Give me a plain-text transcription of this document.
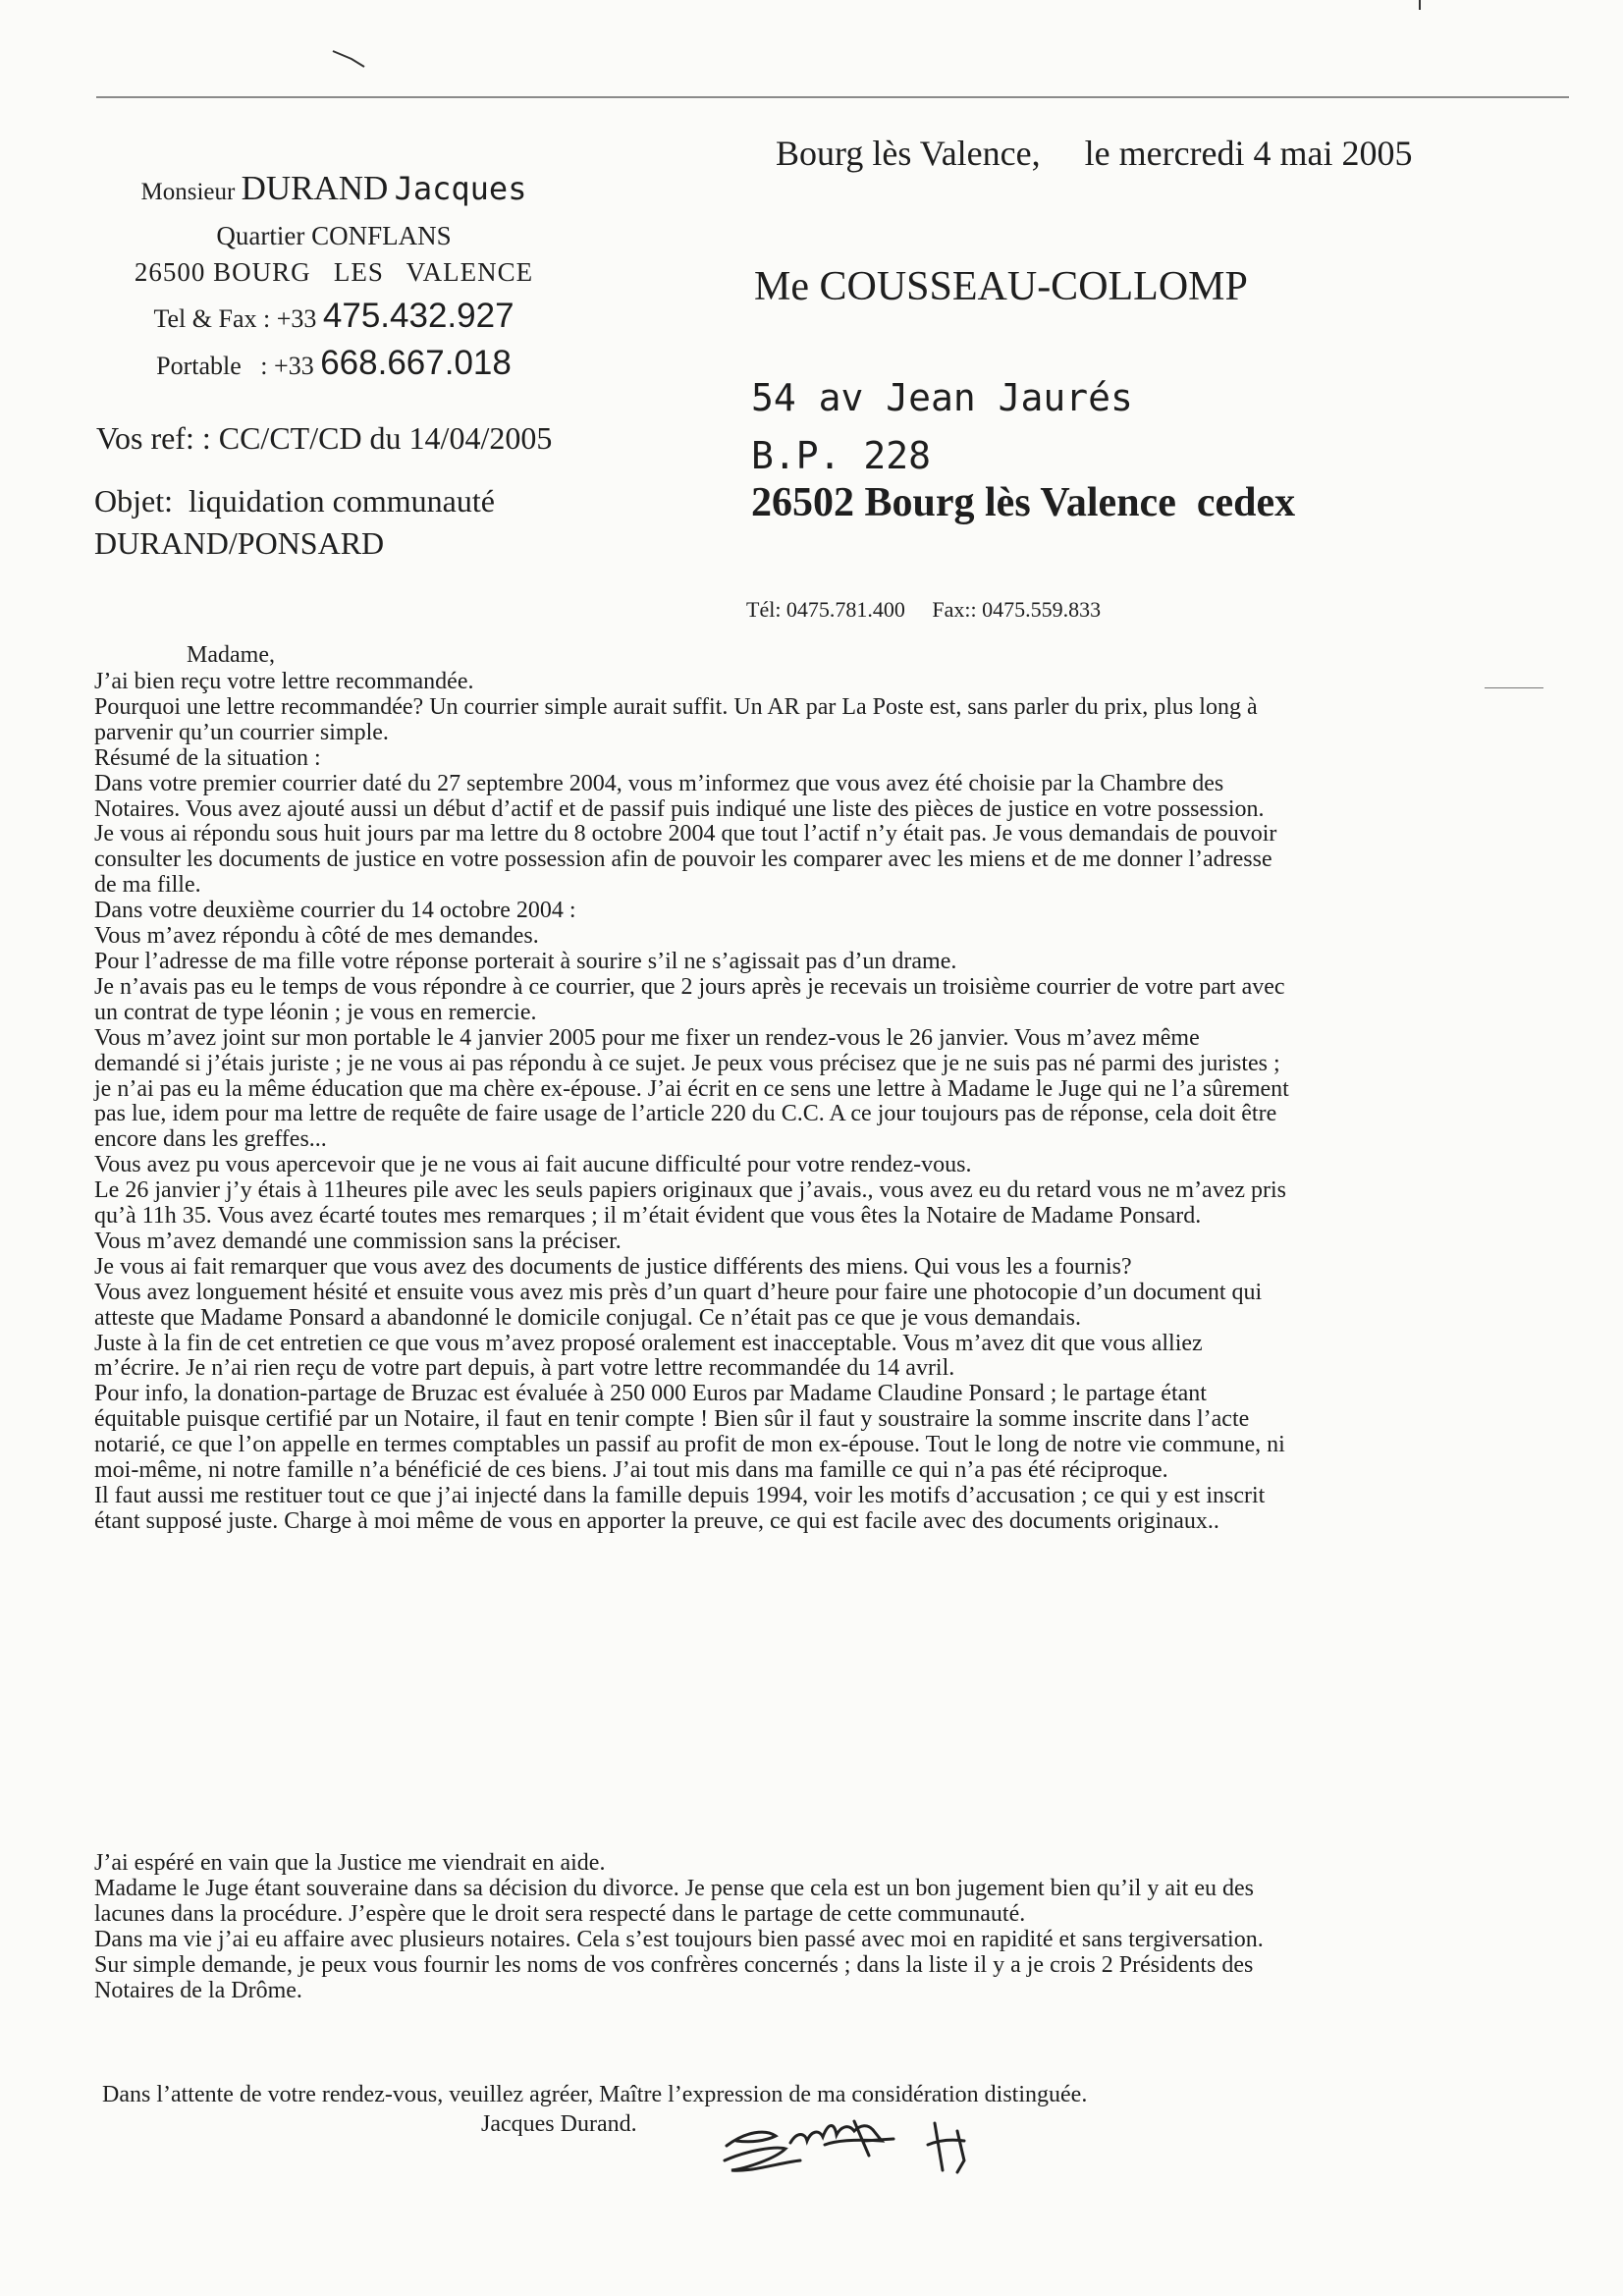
Monsieur DURAND Jacques
Quartier CONFLANS
26500 BOURG   LES   VALENCE
Tel & Fax : +33 475.432.927
Portable   : +33 668.667.018
Vos ref: : CC/CT/CD du 14/04/2005
Objet:  liquidation communauté
DURAND/PONSARD
Bourg lès Valence,     le mercredi 4 mai 2005
Me COUSSEAU-COLLOMP
54 av Jean Jaurés
B.P. 228
26502 Bourg lès Valence  cedex
Tél: 0475.781.400     Fax:: 0475.559.833
Madame,
J’ai bien reçu votre lettre recommandée.
Pourquoi une lettre recommandée? Un courrier simple aurait suffit. Un AR par La Poste est, sans parler du prix, plus long à
parvenir qu’un courrier simple.
Résumé de la situation :
Dans votre premier courrier daté du 27 septembre 2004, vous m’informez que vous avez été choisie par la Chambre des
Notaires. Vous avez ajouté aussi un début d’actif et de passif puis indiqué une liste des pièces de justice en votre possession.
Je vous ai répondu sous huit jours par ma lettre du 8 octobre 2004 que tout l’actif n’y était pas. Je vous demandais de pouvoir
consulter les documents de justice en votre possession afin de pouvoir les comparer avec les miens et de me donner l’adresse
de ma fille.
Dans votre deuxième courrier du 14 octobre 2004 :
Vous m’avez répondu à côté de mes demandes.
Pour l’adresse de ma fille votre réponse porterait à sourire s’il ne s’agissait pas d’un drame.
Je n’avais pas eu le temps de vous répondre à ce courrier, que 2 jours après je recevais un troisième courrier de votre part avec
un contrat de type léonin ; je vous en remercie.
Vous m’avez joint sur mon portable le 4 janvier 2005 pour me fixer un rendez-vous le 26 janvier. Vous m’avez même
demandé si j’étais juriste ; je ne vous ai pas répondu à ce sujet. Je peux vous précisez que je ne suis pas né parmi des juristes ;
je n’ai pas eu la même éducation que ma chère ex-épouse. J’ai écrit en ce sens une lettre à Madame le Juge qui ne l’a sûrement
pas lue, idem pour ma lettre de requête de faire usage de l’article 220 du C.C. A ce jour toujours pas de réponse, cela doit être
encore dans les greffes...
Vous avez pu vous apercevoir que je ne vous ai fait aucune difficulté pour votre rendez-vous.
Le 26 janvier j’y étais à 11heures pile avec les seuls papiers originaux que j’avais., vous avez eu du retard vous ne m’avez pris
qu’à 11h 35. Vous avez écarté toutes mes remarques ; il m’était évident que vous êtes la Notaire de Madame Ponsard.
Vous m’avez demandé une commission sans la préciser.
Je vous ai fait remarquer que vous avez des documents de justice différents des miens. Qui vous les a fournis?
Vous avez longuement hésité et ensuite vous avez mis près d’un quart d’heure pour faire une photocopie d’un document qui
atteste que Madame Ponsard a abandonné le domicile conjugal. Ce n’était pas ce que je vous demandais.
Juste à la fin de cet entretien ce que vous m’avez proposé oralement est inacceptable. Vous m’avez dit que vous alliez
m’écrire. Je n’ai rien reçu de votre part depuis, à part votre lettre recommandée du 14 avril.
Pour info, la donation-partage de Bruzac est évaluée à 250 000 Euros par Madame Claudine Ponsard ; le partage étant
équitable puisque certifié par un Notaire, il faut en tenir compte ! Bien sûr il faut y soustraire la somme inscrite dans l’acte
notarié, ce que l’on appelle en termes comptables un passif au profit de mon ex-épouse. Tout le long de notre vie commune, ni
moi-même, ni notre famille n’a bénéficié de ces biens. J’ai tout mis dans ma famille ce qui n’a pas été réciproque.
Il faut aussi me restituer tout ce que j’ai injecté dans la famille depuis 1994, voir les motifs d’accusation ; ce qui y est inscrit
étant supposé juste. Charge à moi même de vous en apporter la preuve, ce qui est facile avec des documents originaux..
J’ai espéré en vain que la Justice me viendrait en aide.
Madame le Juge étant souveraine dans sa décision du divorce. Je pense que cela est un bon jugement bien qu’il y ait eu des
lacunes dans la procédure. J’espère que le droit sera respecté dans le partage de cette communauté.
Dans ma vie j’ai eu affaire avec plusieurs notaires. Cela s’est toujours bien passé avec moi en rapidité et sans tergiversation.
Sur simple demande, je peux vous fournir les noms de vos confrères concernés ; dans la liste il y a je crois 2 Présidents des
Notaires de la Drôme.
Dans l’attente de votre rendez-vous, veuillez agréer, Maître l’expression de ma considération distinguée.
Jacques Durand.
